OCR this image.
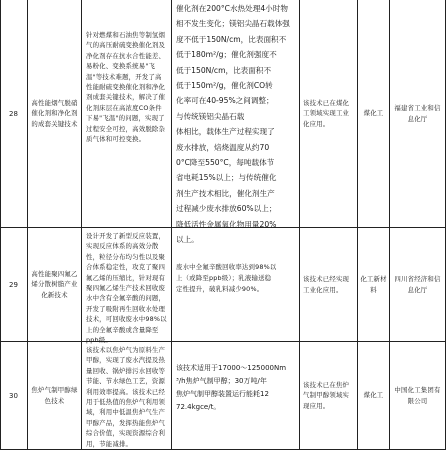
28
高性能烟气脱硝催化剂和净化剂的成套关键技术
针对燃煤和石油焦等制氢烟气的高压耐硫变换催化剂及净化剂存在抗水合性能差、易粉化、变换系统易"飞温"等技术难题，开发了高性能耐硫变换催化剂和净化剂成套关键技术，解决了催化剂床层在高浓度CO条件下易"飞温"的问题，实现了过程安全可控，高效脱除杂质气体和可控变换。
催化剂在200°C水热处理4小时物
相不发生变化；镁铝尖晶石载体强
度不低于150N/cm，比表面积不
低于180m²/g；催化剂强度不
低于150N/cm，比表面积不
低于150m²/g，催化剂CO转
化率可在40-95%之间调整；
与传统镁铝尖晶石载
体相比，载体生产过程实现了
废水排放，焙烧温度从约70
0°C降至550°C，每吨载体节
省电耗15%以上；与传统催化
剂生产技术相比，催化剂生产
过程减少废水排放60%以上；
降低活性金属氧化物用量20%
以上。
该技术已在煤化工领域实现工业化应用。
煤化工
福建省工业和信息化厅
29
高性能聚四氟乙烯分散树脂产业化新技术
设计开发了新型反应装置，实现反应体系的高效分散性，粒径分布均匀性以及聚合体系稳定性，攻克了聚四氟乙烯的压缩比，针对现有聚四氟乙烯生产技术回收废水中含有全氟辛酸的问题，开发了吸附再生回收水处理技术，可回收废水中98%以上的全氟辛酸或含量降至ppb级。
废水中全氟辛酸回收率达到98%以
上（或降至ppb级）；乳液输送稳
定性提升，破乳料减少90%。
该技术已经实现工业化应用。
化工新材料
四川省经济和信息化厅
30
焦炉气制甲醇绿色技术
该技术以焦炉气为原料生产甲醇，实现了废水汽提及热量回收、锅炉排污水回收等节能、节水绿色工艺，资源利用效率提高。该技术已经用于低热值的焦炉气利用领域，利用中低温焦炉气生产甲醇产品，发挥热能焦炉气综合价值，实现资源综合利用，节能减排。
该技术适用于17000～125000Nm
³/h焦炉气制甲醇；30万吨/年
焦炉气制甲醇装置运行能耗12
72.4kgce/t。
该技术已在焦炉气制甲醇领域实现应用。
煤化工
中国化工集团有限公司
